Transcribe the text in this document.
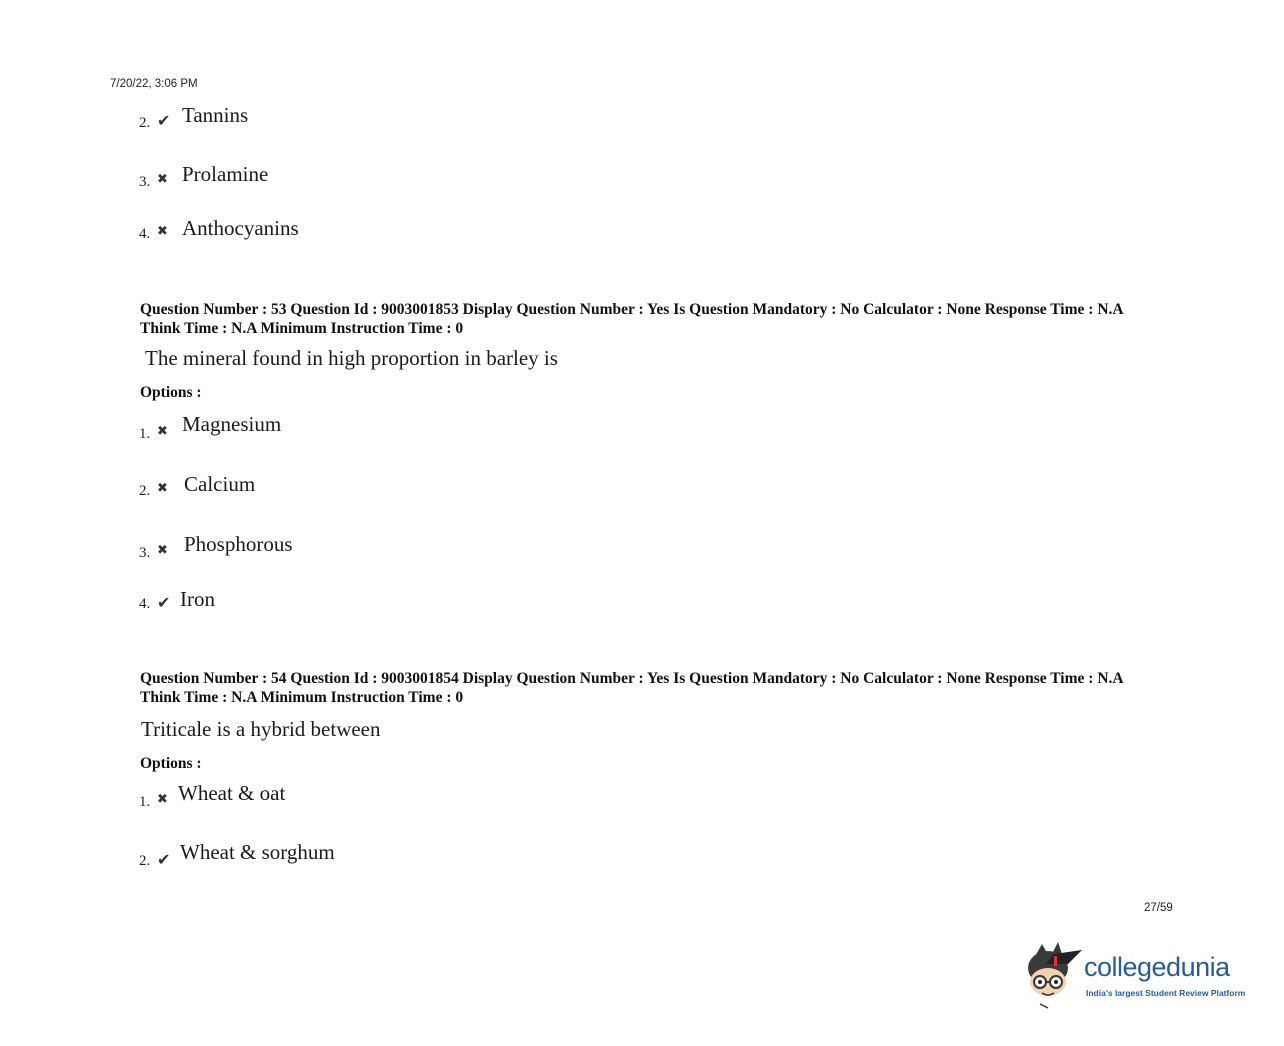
7/20/22, 3:06 PM
2. ✔ Tannins
3. ✖ Prolamine
4. ✖ Anthocyanins
Question Number : 53 Question Id : 9003001853 Display Question Number : Yes Is Question Mandatory : No Calculator : None Response Time : N.A Think Time : N.A Minimum Instruction Time : 0
The mineral found in high proportion in barley is
Options :
1. ✖ Magnesium
2. ✖ Calcium
3. ✖ Phosphorous
4. ✔ Iron
Question Number : 54 Question Id : 9003001854 Display Question Number : Yes Is Question Mandatory : No Calculator : None Response Time : N.A Think Time : N.A Minimum Instruction Time : 0
Triticale is a hybrid between
Options :
1. ✖ Wheat & oat
2. ✔ Wheat & sorghum
27/59
collegedunia
India's largest Student Review Platform
